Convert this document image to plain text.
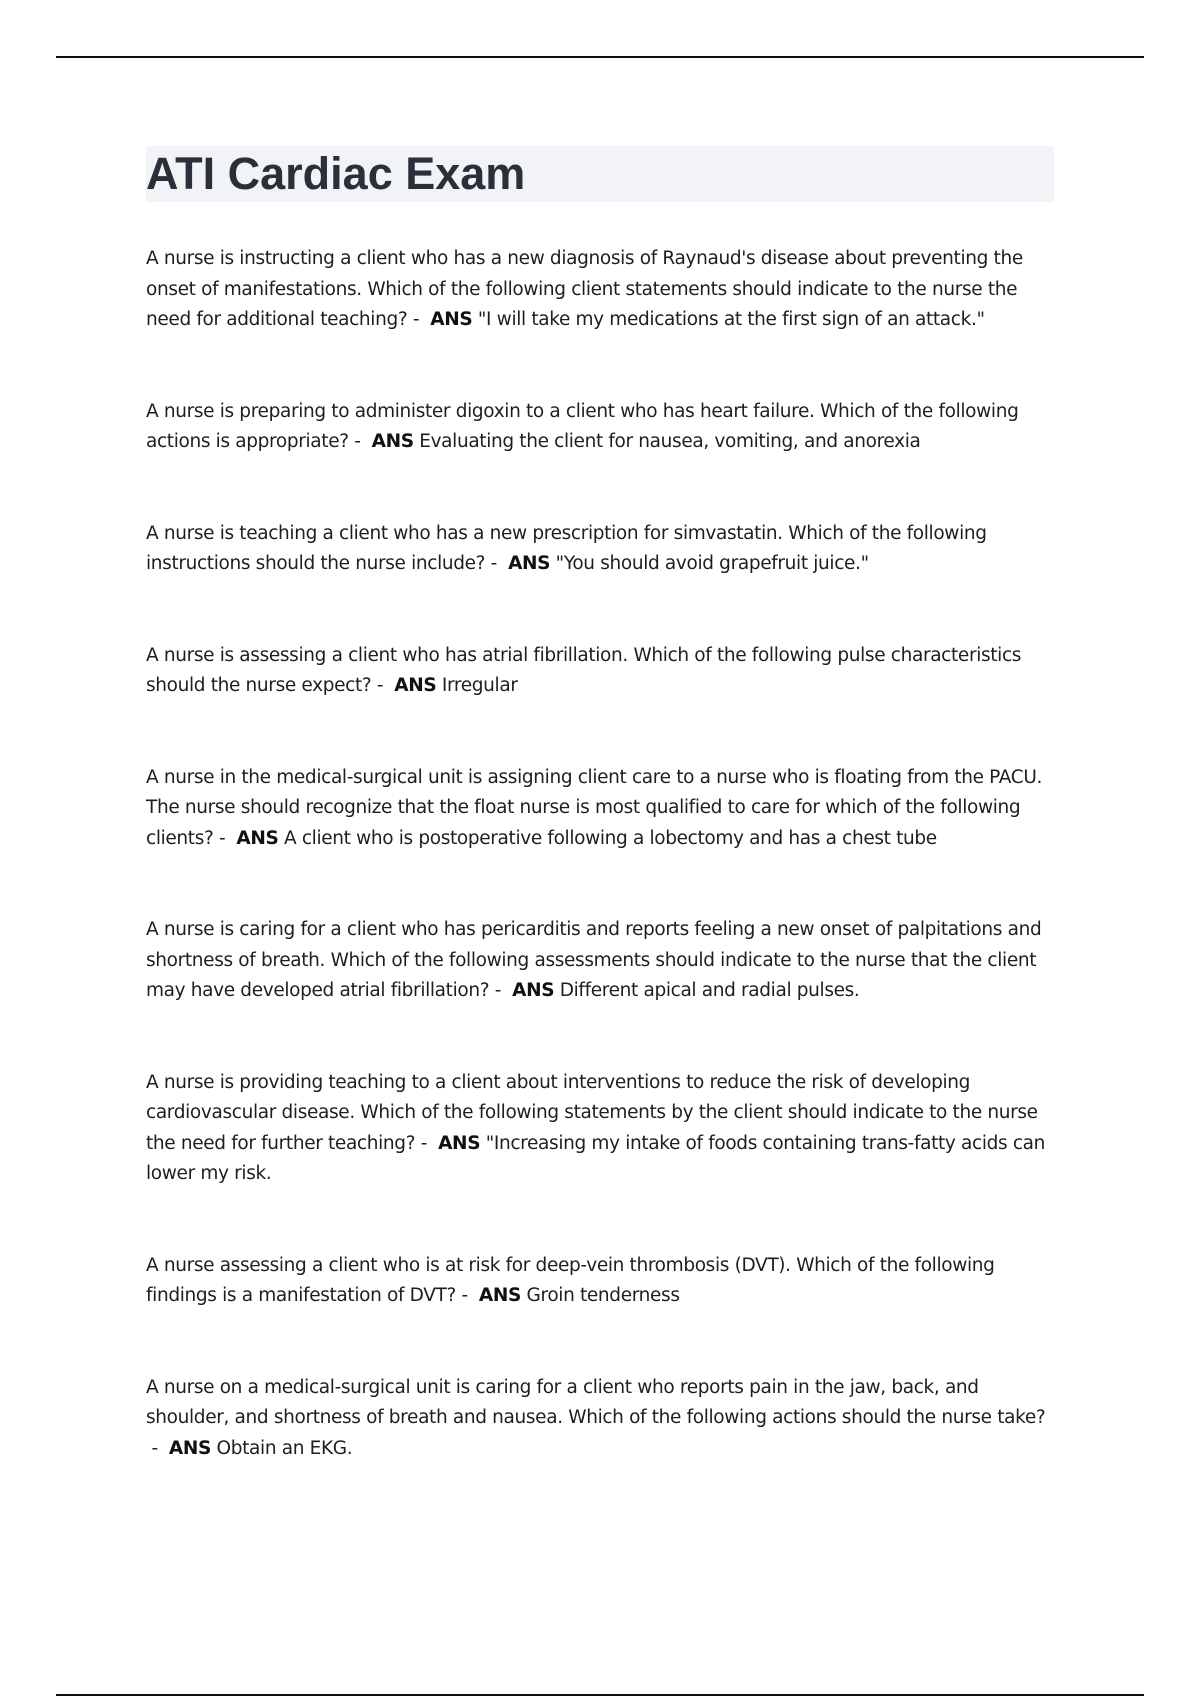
ATI Cardiac Exam

A nurse is instructing a client who has a new diagnosis of Raynaud's disease about preventing the onset of manifestations. Which of the following client statements should indicate to the nurse the need for additional teaching? -  ANS "I will take my medications at the first sign of an attack."

A nurse is preparing to administer digoxin to a client who has heart failure. Which of the following actions is appropriate? -  ANS Evaluating the client for nausea, vomiting, and anorexia

A nurse is teaching a client who has a new prescription for simvastatin. Which of the following instructions should the nurse include? -  ANS "You should avoid grapefruit juice."

A nurse is assessing a client who has atrial fibrillation. Which of the following pulse characteristics should the nurse expect? -  ANS Irregular

A nurse in the medical-surgical unit is assigning client care to a nurse who is floating from the PACU. The nurse should recognize that the float nurse is most qualified to care for which of the following clients? -  ANS A client who is postoperative following a lobectomy and has a chest tube

A nurse is caring for a client who has pericarditis and reports feeling a new onset of palpitations and shortness of breath. Which of the following assessments should indicate to the nurse that the client may have developed atrial fibrillation? -  ANS Different apical and radial pulses.

A nurse is providing teaching to a client about interventions to reduce the risk of developing cardiovascular disease. Which of the following statements by the client should indicate to the nurse the need for further teaching? -  ANS "Increasing my intake of foods containing trans-fatty acids can lower my risk.

A nurse assessing a client who is at risk for deep-vein thrombosis (DVT). Which of the following findings is a manifestation of DVT? -  ANS Groin tenderness

A nurse on a medical-surgical unit is caring for a client who reports pain in the jaw, back, and shoulder, and shortness of breath and nausea. Which of the following actions should the nurse take? -  ANS Obtain an EKG.
